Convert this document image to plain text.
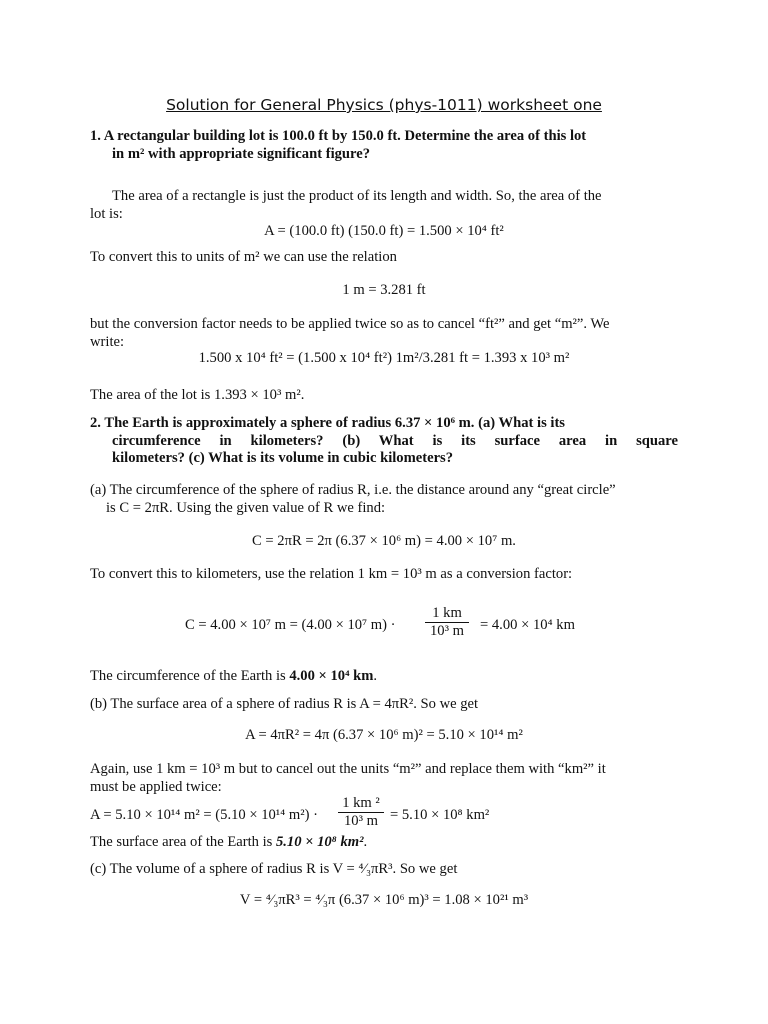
Solution for General Physics (phys-1011) worksheet one
1. A rectangular building lot is 100.0 ft by 150.0 ft. Determine the area of this lot
in m² with appropriate significant figure?
The area of a rectangle is just the product of its length and width. So, the area of the
lot is:
A = (100.0 ft) (150.0 ft) = 1.500 × 10⁴ ft²
To convert this to units of m² we can use the relation
1 m = 3.281 ft
but the conversion factor needs to be applied twice so as to cancel “ft²” and get “m²”. We
write:
1.500 x 10⁴ ft² = (1.500 x 10⁴ ft²) 1m²/3.281 ft = 1.393 x 10³ m²
The area of the lot is 1.393 × 10³ m².
2. The Earth is approximately a sphere of radius 6.37 × 10⁶ m. (a) What is its
circumference in kilometers? (b) What is its surface area in square
kilometers? (c) What is its volume in cubic kilometers?
(a) The circumference of the sphere of radius R, i.e. the distance around any “great circle”
is C = 2πR. Using the given value of R we find:
C = 2πR = 2π (6.37 × 10⁶ m) = 4.00 × 10⁷ m.
To convert this to kilometers, use the relation 1 km = 10³ m as a conversion factor:
C = 4.00 × 10⁷ m = (4.00 × 10⁷ $m) \cdot \frac{1 km}{\text{10³ m}} = 4.00 \times 10^4$ km
The circumference of the Earth is 4.00 × 10⁴ km.
(b) The surface area of a sphere of radius R is A = 4πR². So we get
A = 4πR² = 4π (6.37 × 10⁶ m)² = 5.10 × 10¹⁴ m²
Again, use 1 km = 10³ m but to cancel out the units “m²” and replace them with “km²” it
must be applied twice:
A = 5.10 × 10¹⁴ m² = (5.10 × 10¹⁴ $m^2) \cdot \frac{\text{1 km ²}}{\text{10³ m}} = 5.10 \times 10^8$ km²
The surface area of the Earth is 5.10 × 10⁸ km².
(c) The volume of a sphere of radius R is V = ⁴⁄₃πR³. So we get
V = ⁴⁄₃πR³ = ⁴⁄₃π (6.37 × 10⁶ m)³ = 1.08 × 10²¹ m³
